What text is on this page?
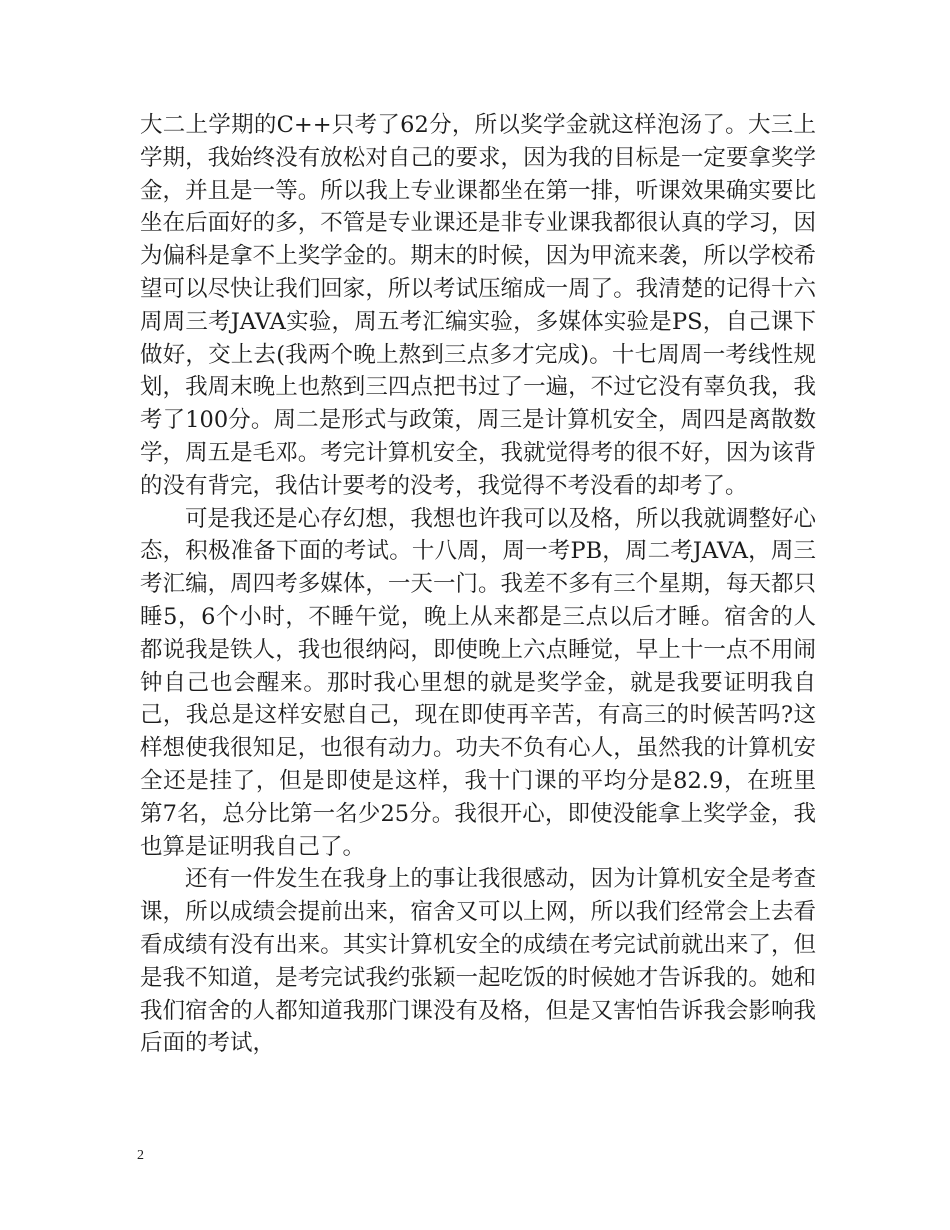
大二上学期的C++只考了62分，所以奖学金就这样泡汤了。大三上学期，我始终没有放松对自己的要求，因为我的目标是一定要拿奖学金，并且是一等。所以我上专业课都坐在第一排，听课效果确实要比坐在后面好的多，不管是专业课还是非专业课我都很认真的学习，因为偏科是拿不上奖学金的。期末的时候，因为甲流来袭，所以学校希望可以尽快让我们回家，所以考试压缩成一周了。我清楚的记得十六周周三考JAVA实验，周五考汇编实验，多媒体实验是PS，自己课下做好，交上去(我两个晚上熬到三点多才完成)。十七周周一考线性规划，我周末晚上也熬到三四点把书过了一遍，不过它没有辜负我，我考了100分。周二是形式与政策，周三是计算机安全，周四是离散数学，周五是毛邓。考完计算机安全，我就觉得考的很不好，因为该背的没有背完，我估计要考的没考，我觉得不考没看的却考了。

可是我还是心存幻想，我想也许我可以及格，所以我就调整好心态，积极准备下面的考试。十八周，周一考PB，周二考JAVA，周三考汇编，周四考多媒体，一天一门。我差不多有三个星期，每天都只睡5，6个小时，不睡午觉，晚上从来都是三点以后才睡。宿舍的人都说我是铁人，我也很纳闷，即使晚上六点睡觉，早上十一点不用闹钟自己也会醒来。那时我心里想的就是奖学金，就是我要证明我自己，我总是这样安慰自己，现在即使再辛苦，有高三的时候苦吗?这样想使我很知足，也很有动力。功夫不负有心人，虽然我的计算机安全还是挂了，但是即使是这样，我十门课的平均分是82.9，在班里第7名，总分比第一名少25分。我很开心，即使没能拿上奖学金，我也算是证明我自己了。

还有一件发生在我身上的事让我很感动，因为计算机安全是考查课，所以成绩会提前出来，宿舍又可以上网，所以我们经常会上去看看成绩有没有出来。其实计算机安全的成绩在考完试前就出来了，但是我不知道，是考完试我约张颖一起吃饭的时候她才告诉我的。她和我们宿舍的人都知道我那门课没有及格，但是又害怕告诉我会影响我后面的考试，

2
